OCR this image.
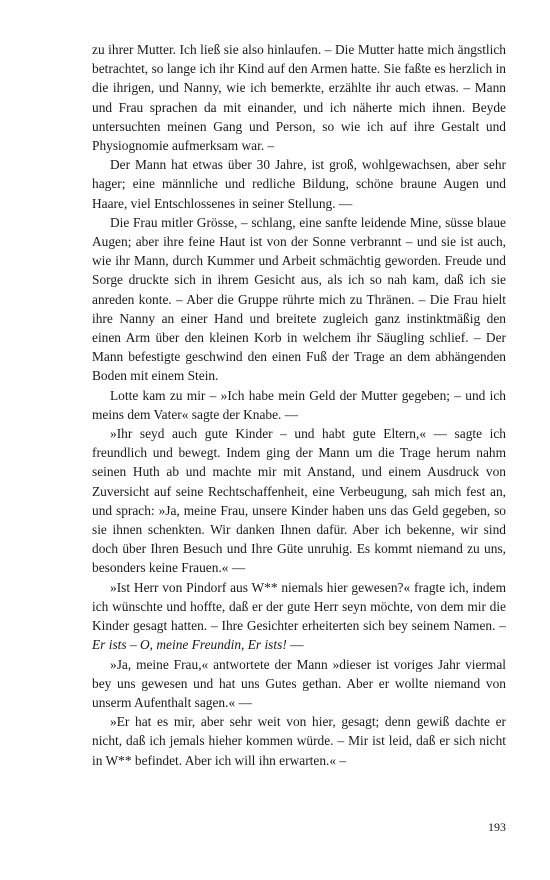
zu ihrer Mutter. Ich ließ sie also hinlaufen. – Die Mutter hatte mich ängstlich betrachtet, so lange ich ihr Kind auf den Armen hatte. Sie faßte es herzlich in die ihrigen, und Nanny, wie ich bemerkte, erzählte ihr auch etwas. – Mann und Frau sprachen da mit einander, und ich näherte mich ihnen. Beyde untersuchten meinen Gang und Person, so wie ich auf ihre Gestalt und Physiognomie aufmerksam war. –

Der Mann hat etwas über 30 Jahre, ist groß, wohlgewachsen, aber sehr hager; eine männliche und redliche Bildung, schöne braune Augen und Haare, viel Entschlossenes in seiner Stellung. ––

Die Frau mitler Grösse, – schlang, eine sanfte leidende Mine, süsse blaue Augen; aber ihre feine Haut ist von der Sonne verbrannt – und sie ist auch, wie ihr Mann, durch Kummer und Arbeit schmächtig geworden. Freude und Sorge druckte sich in ihrem Gesicht aus, als ich so nah kam, daß ich sie anreden konte. – Aber die Gruppe rührte mich zu Thränen. – Die Frau hielt ihre Nanny an einer Hand und breitete zugleich ganz instinktmäßig den einen Arm über den kleinen Korb in welchem ihr Säugling schlief. – Der Mann befestigte geschwind den einen Fuß der Trage an dem abhängenden Boden mit einem Stein.

Lotte kam zu mir – »Ich habe mein Geld der Mutter gegeben; – und ich meins dem Vater« sagte der Knabe. ––

»Ihr seyd auch gute Kinder – und habt gute Eltern,« –– sagte ich freundlich und bewegt. Indem ging der Mann um die Trage herum nahm seinen Huth ab und machte mir mit Anstand, und einem Ausdruck von Zuversicht auf seine Rechtschaffenheit, eine Verbeugung, sah mich fest an, und sprach: »Ja, meine Frau, unsere Kinder haben uns das Geld gegeben, so sie ihnen schenkten. Wir danken Ihnen dafür. Aber ich bekenne, wir sind doch über Ihren Besuch und Ihre Güte unruhig. Es kommt niemand zu uns, besonders keine Frauen.« ––

»Ist Herr von Pindorf aus W** niemals hier gewesen?« fragte ich, indem ich wünschte und hoffte, daß er der gute Herr seyn möchte, von dem mir die Kinder gesagt hatten. – Ihre Gesichter erheiterten sich bey seinem Namen. – Er ists – O, meine Freundin, Er ists! ––

»Ja, meine Frau,« antwortete der Mann »dieser ist voriges Jahr viermal bey uns gewesen und hat uns Gutes gethan. Aber er wollte niemand von unserm Aufenthalt sagen.« ––

»Er hat es mir, aber sehr weit von hier, gesagt; denn gewiß dachte er nicht, daß ich jemals hieher kommen würde. – Mir ist leid, daß er sich nicht in W** befindet. Aber ich will ihn erwarten.« –

193
